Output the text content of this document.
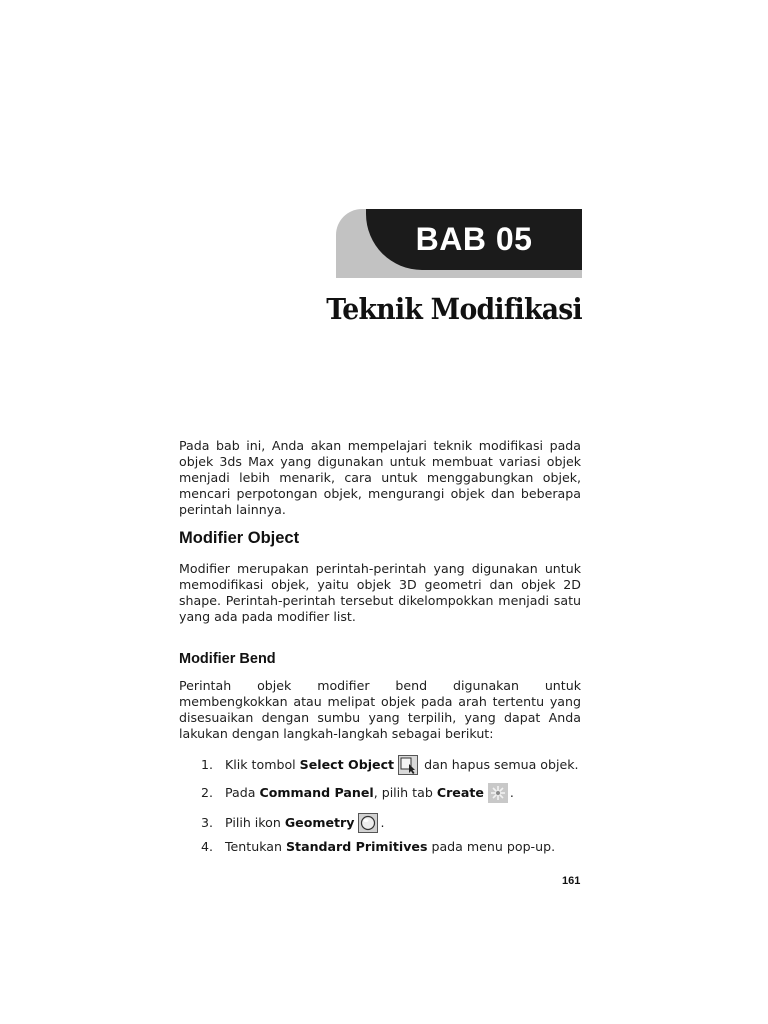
BAB 05
Teknik Modifikasi

Pada bab ini, Anda akan mempelajari teknik modifikasi pada objek 3ds Max yang digunakan untuk membuat variasi objek menjadi lebih menarik, cara untuk menggabungkan objek, mencari perpotongan objek, mengurangi objek dan beberapa perintah lainnya.

Modifier Object

Modifier merupakan perintah-perintah yang digunakan untuk memodifikasi objek, yaitu objek 3D geometri dan objek 2D shape. Perintah-perintah tersebut dikelompokkan menjadi satu yang ada pada modifier list.

Modifier Bend

Perintah objek modifier bend digunakan untuk membengkokkan atau melipat objek pada arah tertentu yang disesuaikan dengan sumbu yang terpilih, yang dapat Anda lakukan dengan langkah-langkah sebagai berikut:

1. Klik tombol Select Object dan hapus semua objek.
2. Pada Command Panel , pilih tab Create .
3. Pilih ikon Geometry .
4. Tentukan Standard Primitives pada menu pop-up.

161
